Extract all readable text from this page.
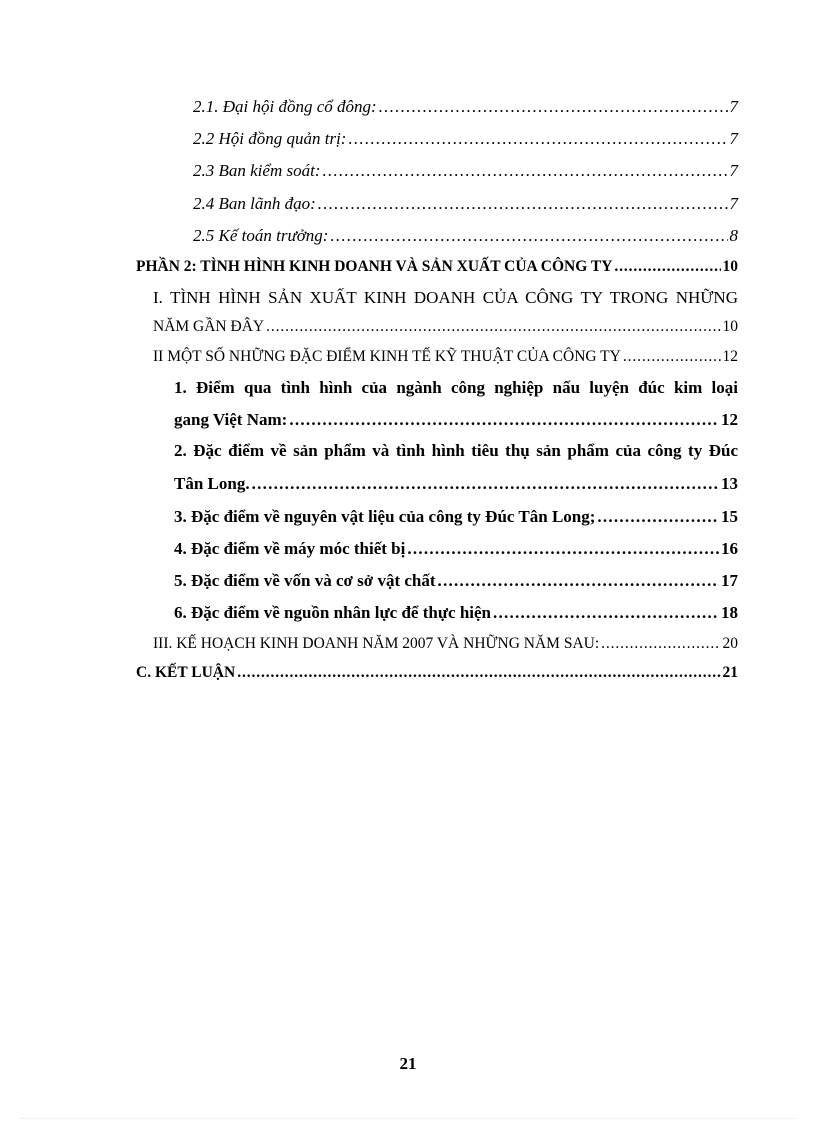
2.1. Đại hội đồng cổ đông: . . .	7
2.2 Hội đồng quản trị: . . .	7
2.3 Ban kiểm soát: . . .	7
2.4 Ban lãnh đạo: . . .	7
2.5 Kế toán trưởng: . . .	8
PHẦN 2: TÌNH HÌNH KINH DOANH VÀ SẢN XUẤT CỦA CÔNG TY . . .	10
I. TÌNH HÌNH SẢN XUẤT KINH DOANH CỦA CÔNG TY TRONG NHỮNG
NĂM GẦN ĐÂY . . .	10
II MỘT SỐ NHỮNG ĐẶC ĐIỂM KINH TẾ KỸ THUẬT CỦA CÔNG TY . . .	12
1. Điểm qua tình hình của ngành công nghiệp nấu luyện đúc kim loại
gang Việt Nam: . . .	12
2. Đặc điểm về sản phẩm và tình hình tiêu thụ sản phẩm của công ty Đúc
Tân Long. . . .	13
3. Đặc điểm về nguyên vật liệu của công ty Đúc Tân Long; . . .	15
4. Đặc điểm về máy móc thiết bị . . .	16
5. Đặc điểm về vốn và cơ sở vật chất . . .	17
6. Đặc điểm về nguồn nhân lực để thực hiện . . .	18
III. KẾ HOẠCH KINH DOANH NĂM 2007 VÀ NHỮNG NĂM SAU: . . .	20
C. KẾT LUẬN . . .	21
21
